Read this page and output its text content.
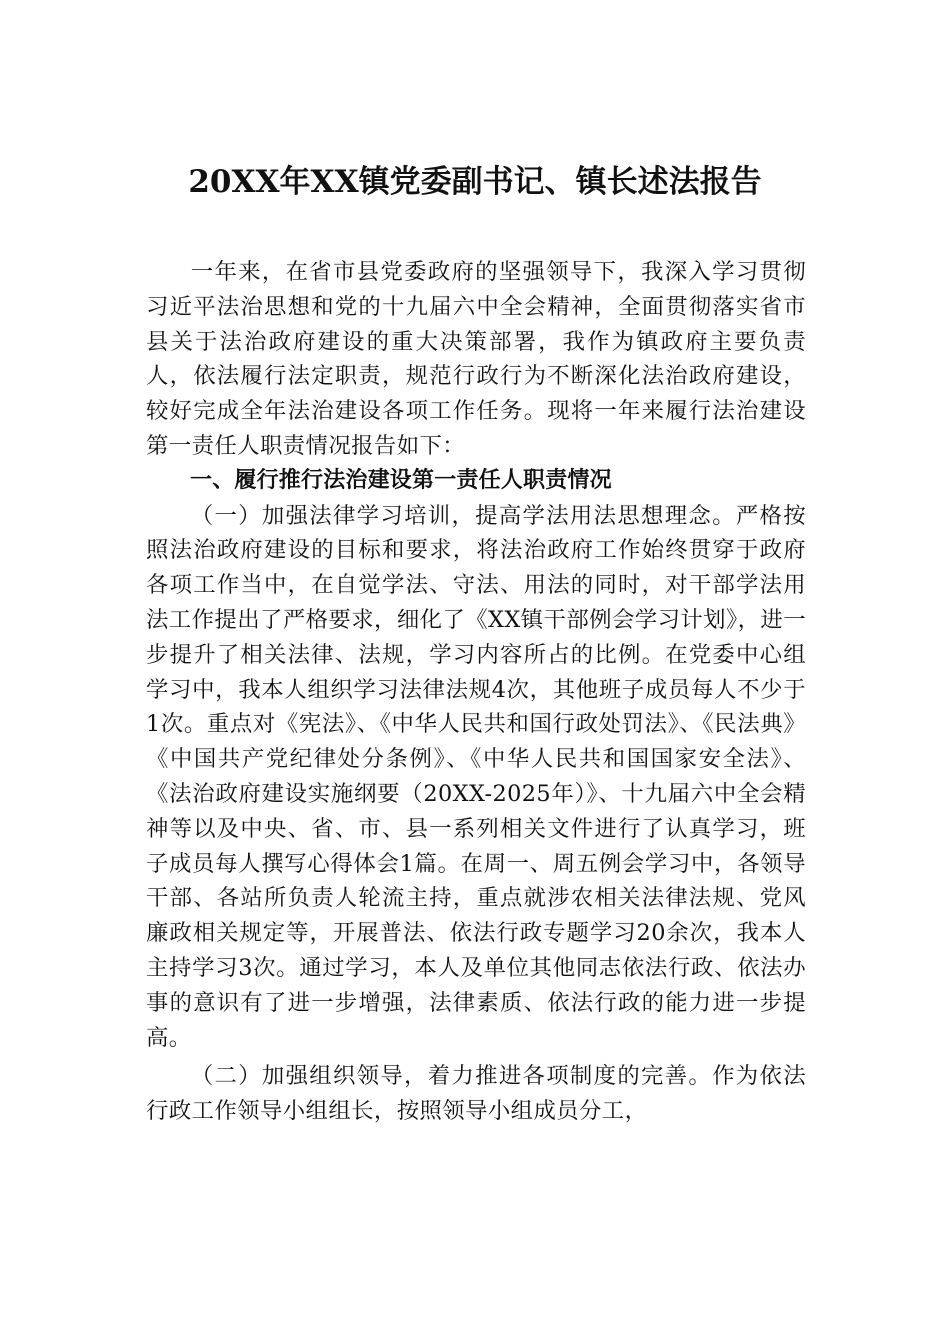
20XX年XX镇党委副书记、镇长述法报告

一年来，在省市县党委政府的坚强领导下，我深入学习贯彻习近平法治思想和党的十九届六中全会精神，全面贯彻落实省市县关于法治政府建设的重大决策部署，我作为镇政府主要负责人，依法履行法定职责，规范行政行为不断深化法治政府建设，较好完成全年法治建设各项工作任务。现将一年来履行法治建设第一责任人职责情况报告如下：

一、履行推行法治建设第一责任人职责情况

（一）加强法律学习培训，提高学法用法思想理念。严格按照法治政府建设的目标和要求，将法治政府工作始终贯穿于政府各项工作当中，在自觉学法、守法、用法的同时，对干部学法用法工作提出了严格要求，细化了《XX镇干部例会学习计划》，进一步提升了相关法律、法规，学习内容所占的比例。在党委中心组学习中，我本人组织学习法律法规4次，其他班子成员每人不少于1次。重点对《宪法》、《中华人民共和国行政处罚法》、《民法典》《中国共产党纪律处分条例》、《中华人民共和国国家安全法》、《法治政府建设实施纲要（20XX-2025年）》、十九届六中全会精神等以及中央、省、市、县一系列相关文件进行了认真学习，班子成员每人撰写心得体会1篇。在周一、周五例会学习中，各领导干部、各站所负责人轮流主持，重点就涉农相关法律法规、党风廉政相关规定等，开展普法、依法行政专题学习20余次，我本人主持学习3次。通过学习，本人及单位其他同志依法行政、依法办事的意识有了进一步增强，法律素质、依法行政的能力进一步提高。

（二）加强组织领导，着力推进各项制度的完善。作为依法行政工作领导小组组长，按照领导小组成员分工，
